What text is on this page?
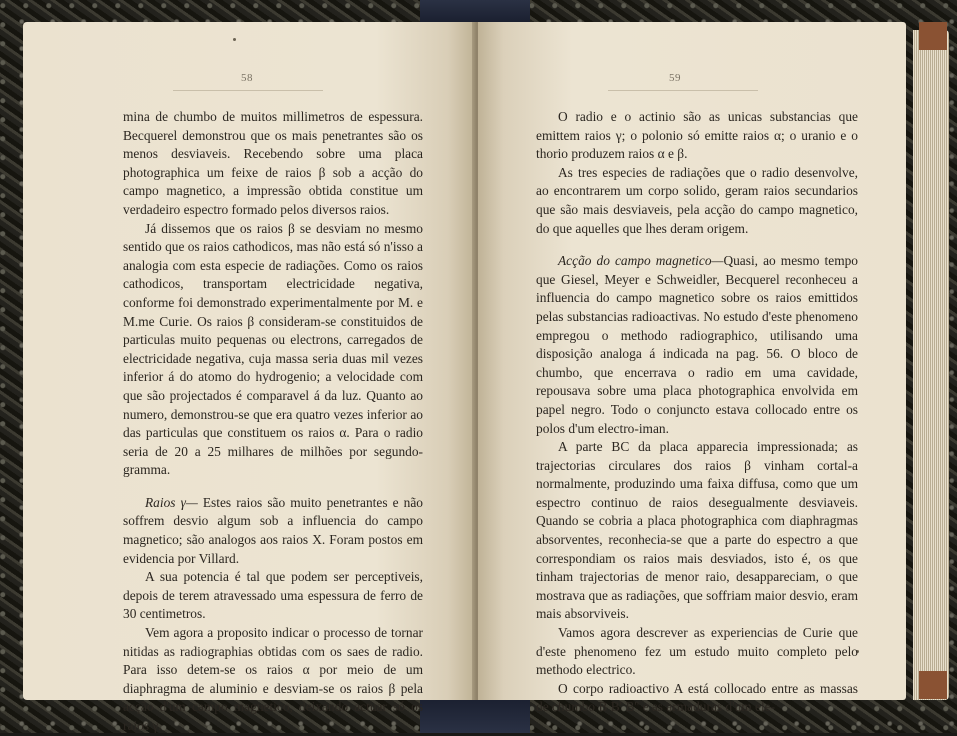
58

mina de chumbo de muitos millimetros de espessura. Becquerel demonstrou que os mais penetrantes são os menos desviaveis. Recebendo sobre uma placa photographica um feixe de raios β sob a acção do campo magnetico, a impressão obtida constitue um verdadeiro espectro formado pelos diversos raios.

Já dissemos que os raios β se desviam no mesmo sentido que os raios cathodicos, mas não está só n'isso a analogia com esta especie de radiações. Como os raios cathodicos, transportam electricidade negativa, conforme foi demonstrado experimentalmente por M. e M.me Curie. Os raios β consideram-se constituidos de particulas muito pequenas ou electrons, carregados de electricidade negativa, cuja massa seria duas mil vezes inferior á do atomo do hydrogenio; a velocidade com que são projectados é comparavel á da luz. Quanto ao numero, demonstrou-se que era quatro vezes inferior ao das particulas que constituem os raios α. Para o radio seria de 20 a 25 milhares de milhões por segundo-gramma.

Raios γ— Estes raios são muito penetrantes e não soffrem desvio algum sob a influencia do campo magnetico; são analogos aos raios X. Foram postos em evidencia por Villard.

A sua potencia é tal que podem ser perceptiveis, depois de terem atravessado uma espessura de ferro de 30 centimetros.

Vem agora a proposito indicar o processo de tornar nitidas as radiographias obtidas com os saes de radio. Para isso detem-se os raios α por meio de um diaphragma de aluminio e desviam-se os raios β pela acção d'um campo magnetico, deixando actuar só os raios γ.

59

O radio e o actinio são as unicas substancias que emittem raios γ; o polonio só emitte raios α; o uranio e o thorio produzem raios α e β.

As tres especies de radiações que o radio desenvolve, ao encontrarem um corpo solido, geram raios secundarios que são mais desviaveis, pela acção do campo magnetico, do que aquelles que lhes deram origem.

Acção do campo magnetico—Quasi, ao mesmo tempo que Giesel, Meyer e Schweidler, Becquerel reconheceu a influencia do campo magnetico sobre os raios emittidos pelas substancias radioactivas. No estudo d'este phenomeno empregou o methodo radiographico, utilisando uma disposição analoga á indicada na pag. 56. O bloco de chumbo, que encerrava o radio em uma cavidade, repousava sobre uma placa photographica envolvida em papel negro. Todo o conjuncto estava collocado entre os polos d'um electro-iman.

A parte BC da placa apparecia impressionada; as trajectorias circulares dos raios β vinham cortal-a normalmente, produzindo uma faixa diffusa, como que um espectro continuo de raios desegualmente desviaveis. Quando se cobria a placa photographica com diaphragmas absorventes, reconhecia-se que a parte do espectro a que correspondiam os raios mais desviados, isto é, os que tinham trajectorias de menor raio, desappareciam, o que mostrava que as radiações, que soffriam maior desvio, eram mais absorviveis.

Vamos agora descrever as experiencias de Curie que d'este phenomeno fez um estudo muito completo pelo methodo electrico.

O corpo radioactivo A está collocado entre as massas de chumbo B B' B'' e as armaduras d'um ele-
